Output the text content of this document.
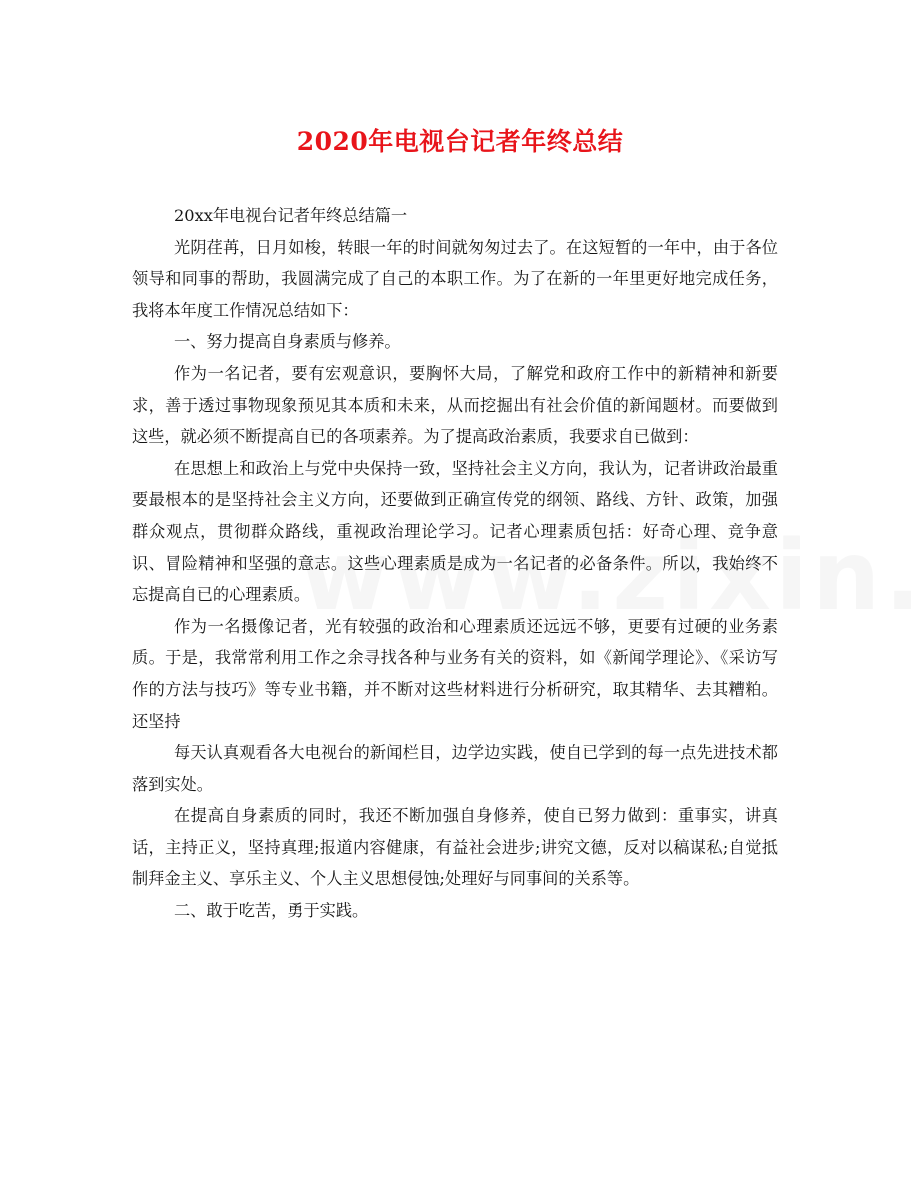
2020年电视台记者年终总结

20xx年电视台记者年终总结篇一

光阴荏苒，日月如梭，转眼一年的时间就匆匆过去了。在这短暂的一年中，由于各位领导和同事的帮助，我圆满完成了自己的本职工作。为了在新的一年里更好地完成任务，我将本年度工作情况总结如下：

一、努力提高自身素质与修养。

作为一名记者，要有宏观意识，要胸怀大局，了解党和政府工作中的新精神和新要求，善于透过事物现象预见其本质和未来，从而挖掘出有社会价值的新闻题材。而要做到这些，就必须不断提高自已的各项素养。为了提高政治素质，我要求自已做到：

在思想上和政治上与党中央保持一致，坚持社会主义方向，我认为，记者讲政治最重要最根本的是坚持社会主义方向，还要做到正确宣传党的纲领、路线、方针、政策，加强群众观点，贯彻群众路线，重视政治理论学习。记者心理素质包括：好奇心理、竞争意识、冒险精神和坚强的意志。这些心理素质是成为一名记者的必备条件。所以，我始终不忘提高自已的心理素质。

作为一名摄像记者，光有较强的政治和心理素质还远远不够，更要有过硬的业务素质。于是，我常常利用工作之余寻找各种与业务有关的资料，如《新闻学理论》、《采访写作的方法与技巧》等专业书籍，并不断对这些材料进行分析研究，取其精华、去其糟粕。还坚持

每天认真观看各大电视台的新闻栏目，边学边实践，使自已学到的每一点先进技术都落到实处。

在提高自身素质的同时，我还不断加强自身修养，使自已努力做到：重事实，讲真话，主持正义，坚持真理;报道内容健康，有益社会进步;讲究文德，反对以稿谋私;自觉抵制拜金主义、享乐主义、个人主义思想侵蚀;处理好与同事间的关系等。

二、敢于吃苦，勇于实践。
